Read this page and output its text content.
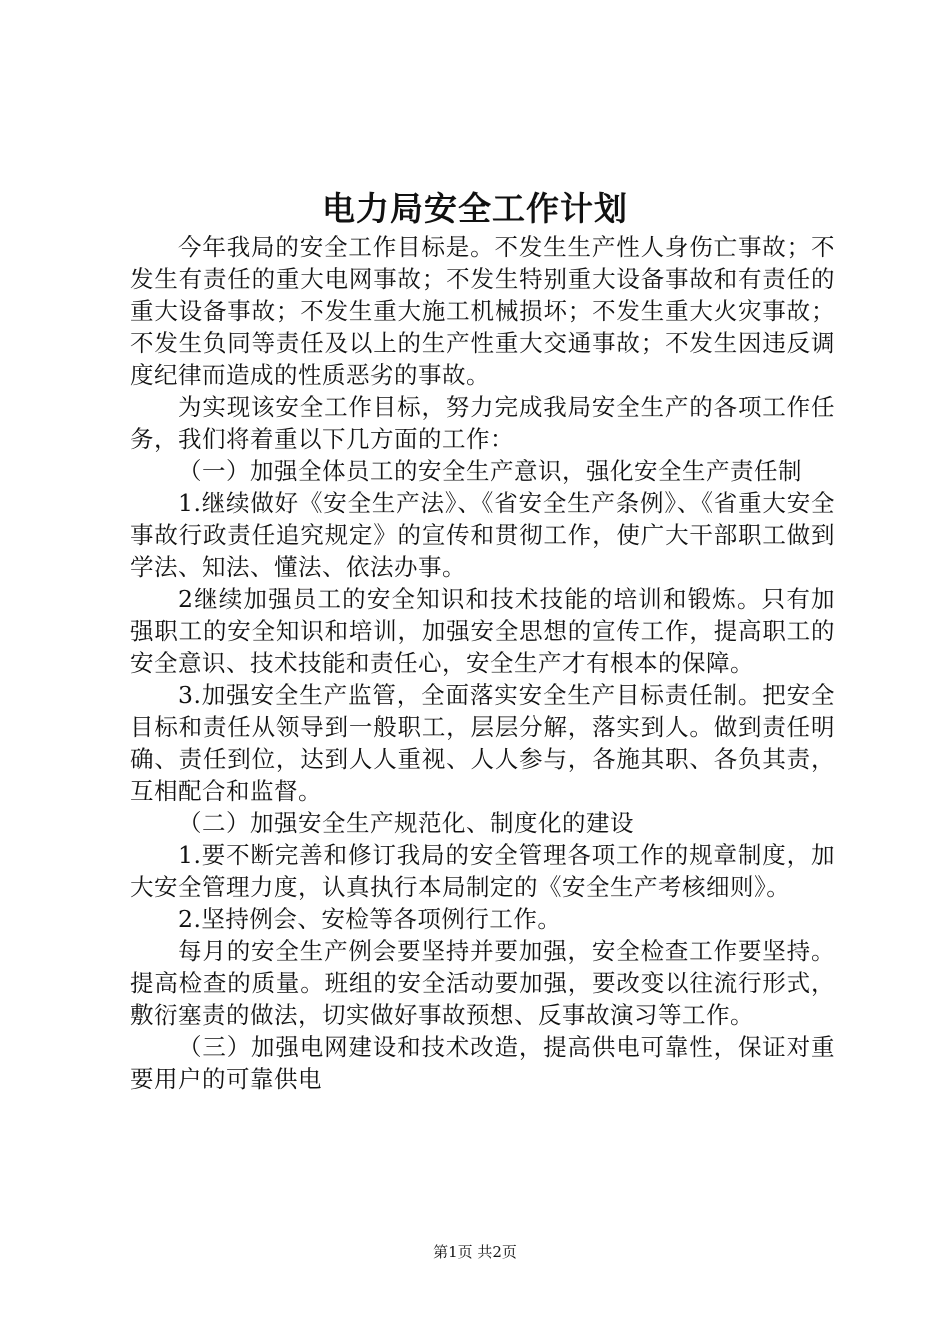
电力局安全工作计划

今年我局的安全工作目标是。不发生生产性人身伤亡事故；不发生有责任的重大电网事故；不发生特别重大设备事故和有责任的重大设备事故；不发生重大施工机械损坏；不发生重大火灾事故；不发生负同等责任及以上的生产性重大交通事故；不发生因违反调度纪律而造成的性质恶劣的事故。

为实现该安全工作目标，努力完成我局安全生产的各项工作任务，我们将着重以下几方面的工作：

（一）加强全体员工的安全生产意识，强化安全生产责任制

1.继续做好《安全生产法》、《省安全生产条例》、《省重大安全事故行政责任追究规定》的宣传和贯彻工作，使广大干部职工做到学法、知法、懂法、依法办事。

2继续加强员工的安全知识和技术技能的培训和锻炼。只有加强职工的安全知识和培训，加强安全思想的宣传工作，提高职工的安全意识、技术技能和责任心，安全生产才有根本的保障。

3.加强安全生产监管，全面落实安全生产目标责任制。把安全目标和责任从领导到一般职工，层层分解，落实到人。做到责任明确、责任到位，达到人人重视、人人参与，各施其职、各负其责，互相配合和监督。

（二）加强安全生产规范化、制度化的建设

1.要不断完善和修订我局的安全管理各项工作的规章制度，加大安全管理力度，认真执行本局制定的《安全生产考核细则》。

2.坚持例会、安检等各项例行工作。

每月的安全生产例会要坚持并要加强，安全检查工作要坚持。提高检查的质量。班组的安全活动要加强，要改变以往流行形式，敷衍塞责的做法，切实做好事故预想、反事故演习等工作。

（三）加强电网建设和技术改造，提高供电可靠性，保证对重要用户的可靠供电

第1页 共2页
